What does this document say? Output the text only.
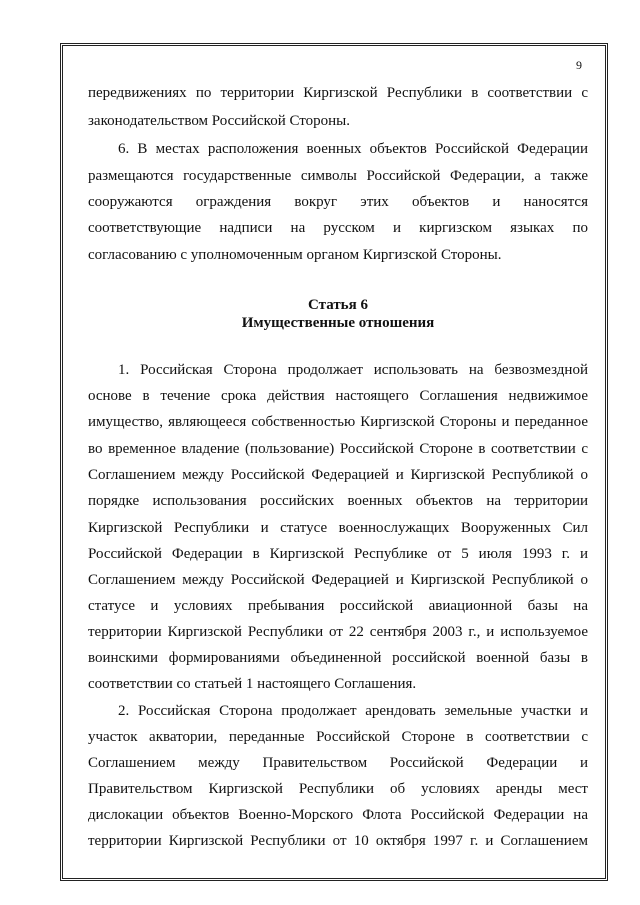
9
передвижениях по территории Киргизской Республики в соответствии с
законодательством Российской Стороны.
6. В местах расположения военных объектов Российской Федерации
размещаются государственные символы Российской Федерации, а также
сооружаются ограждения вокруг этих объектов и наносятся
соответствующие надписи на русском и киргизском языках по
согласованию с уполномоченным органом Киргизской Стороны.
Статья 6
Имущественные отношения
1. Российская Сторона продолжает использовать на безвозмездной
основе в течение срока действия настоящего Соглашения недвижимое
имущество, являющееся собственностью Киргизской Стороны и переданное
во временное владение (пользование) Российской Стороне в соответствии с
Соглашением между Российской Федерацией и Киргизской Республикой о
порядке использования российских военных объектов на территории
Киргизской Республики и статусе военнослужащих Вооруженных Сил
Российской Федерации в Киргизской Республике от 5 июля 1993 г. и
Соглашением между Российской Федерацией и Киргизской Республикой о
статусе и условиях пребывания российской авиационной базы на
территории Киргизской Республики от 22 сентября 2003 г., и используемое
воинскими формированиями объединенной российской военной базы в
соответствии со статьей 1 настоящего Соглашения.
2. Российская Сторона продолжает арендовать земельные участки и
участок акватории, переданные Российской Стороне в соответствии с
Соглашением между Правительством Российской Федерации и
Правительством Киргизской Республики об условиях аренды мест
дислокации объектов Военно-Морского Флота Российской Федерации на
территории Киргизской Республики от 10 октября 1997 г. и Соглашением
